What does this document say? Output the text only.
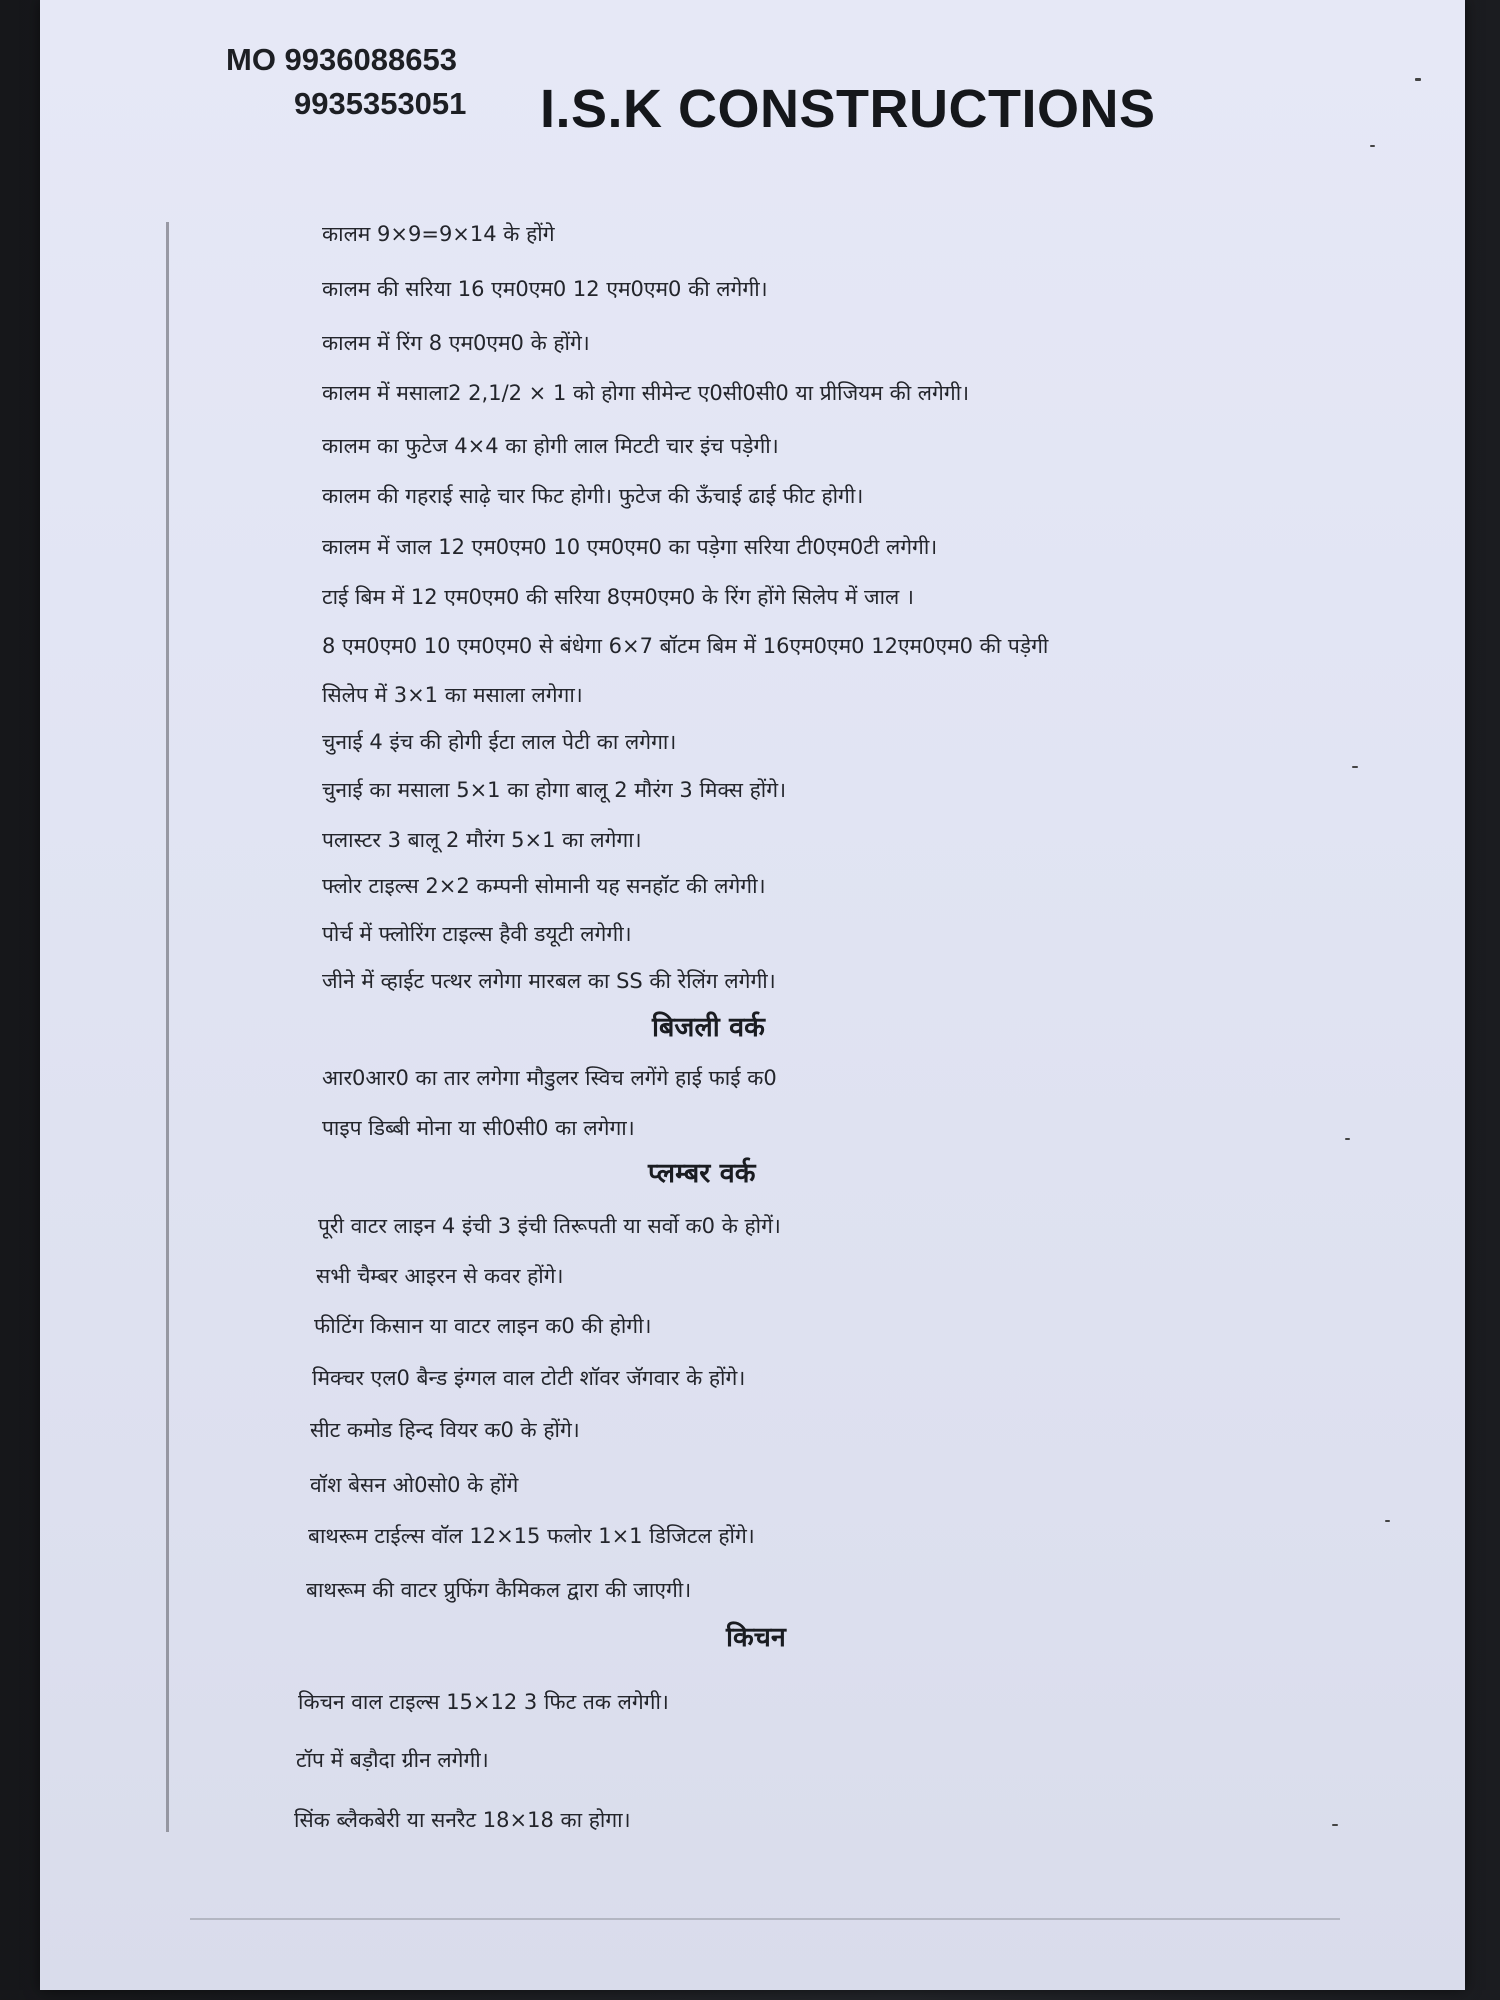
MO 9936088653
9935353051 I.S.K CONSTRUCTIONS
कालम 9×9=9×14 के होंगे
कालम की सरिया 16 एम0एम0 12 एम0एम0 की लगेगी।
कालम में रिंग 8 एम0एम0 के होंगे।
कालम में मसाला2 2,1/2 × 1 को होगा सीमेन्ट ए0सी0सी0 या प्रीजियम की लगेगी।
कालम का फुटेज 4×4 का होगी लाल मिटटी चार इंच पड़ेगी।
कालम की गहराई साढ़े चार फिट होगी। फुटेज की ऊँचाई ढाई फीट होगी।
कालम में जाल 12 एम0एम0 10 एम0एम0 का पड़ेगा सरिया टी0एम0टी लगेगी।
टाई बिम में 12 एम0एम0 की सरिया 8एम0एम0 के रिंग होंगे सिलेप में जाल ।
8 एम0एम0 10 एम0एम0 से बंधेगा 6×7 बॉटम बिम में 16एम0एम0 12एम0एम0 की पड़ेगी
सिलेप में 3×1 का मसाला लगेगा।
चुनाई 4 इंच की होगी ईटा लाल पेटी का लगेगा।
चुनाई का मसाला 5×1 का होगा बालू 2 मौरंग 3 मिक्स होंगे।
पलास्टर 3 बालू 2 मौरंग 5×1 का लगेगा।
फ्लोर टाइल्स 2×2 कम्पनी सोमानी यह सनहॉट की लगेगी।
पोर्च में फ्लोरिंग टाइल्स हैवी डयूटी लगेगी।
जीने में व्हाईट पत्थर लगेगा मारबल का SS की रेलिंग लगेगी।
बिजली वर्क
आर0आर0 का तार लगेगा मौडुलर स्विच लगेंगे हाई फाई क0
पाइप डिब्बी मोना या सी0सी0 का लगेगा।
प्लम्बर वर्क
पूरी वाटर लाइन 4 इंची 3 इंची तिरूपती या सर्वो क0 के होगें।
सभी चैम्बर आइरन से कवर होंगे।
फीटिंग किसान या वाटर लाइन क0 की होगी।
मिक्चर एल0 बैन्ड इंग्गल वाल टोटी शॉवर जॅगवार के होंगे।
सीट कमोड हिन्द वियर क0 के होंगे।
वॉश बेसन ओ0सो0 के होंगे
बाथरूम टाईल्स वॉल 12×15 फलोर 1×1 डिजिटल होंगे।
बाथरूम की वाटर प्रुफिंग कैमिकल द्वारा की जाएगी।
किचन
किचन वाल टाइल्स 15×12 3 फिट तक लगेगी।
टॉप में बड़ौदा ग्रीन लगेगी।
सिंक ब्लैकबेरी या सनरैट 18×18 का होगा।
